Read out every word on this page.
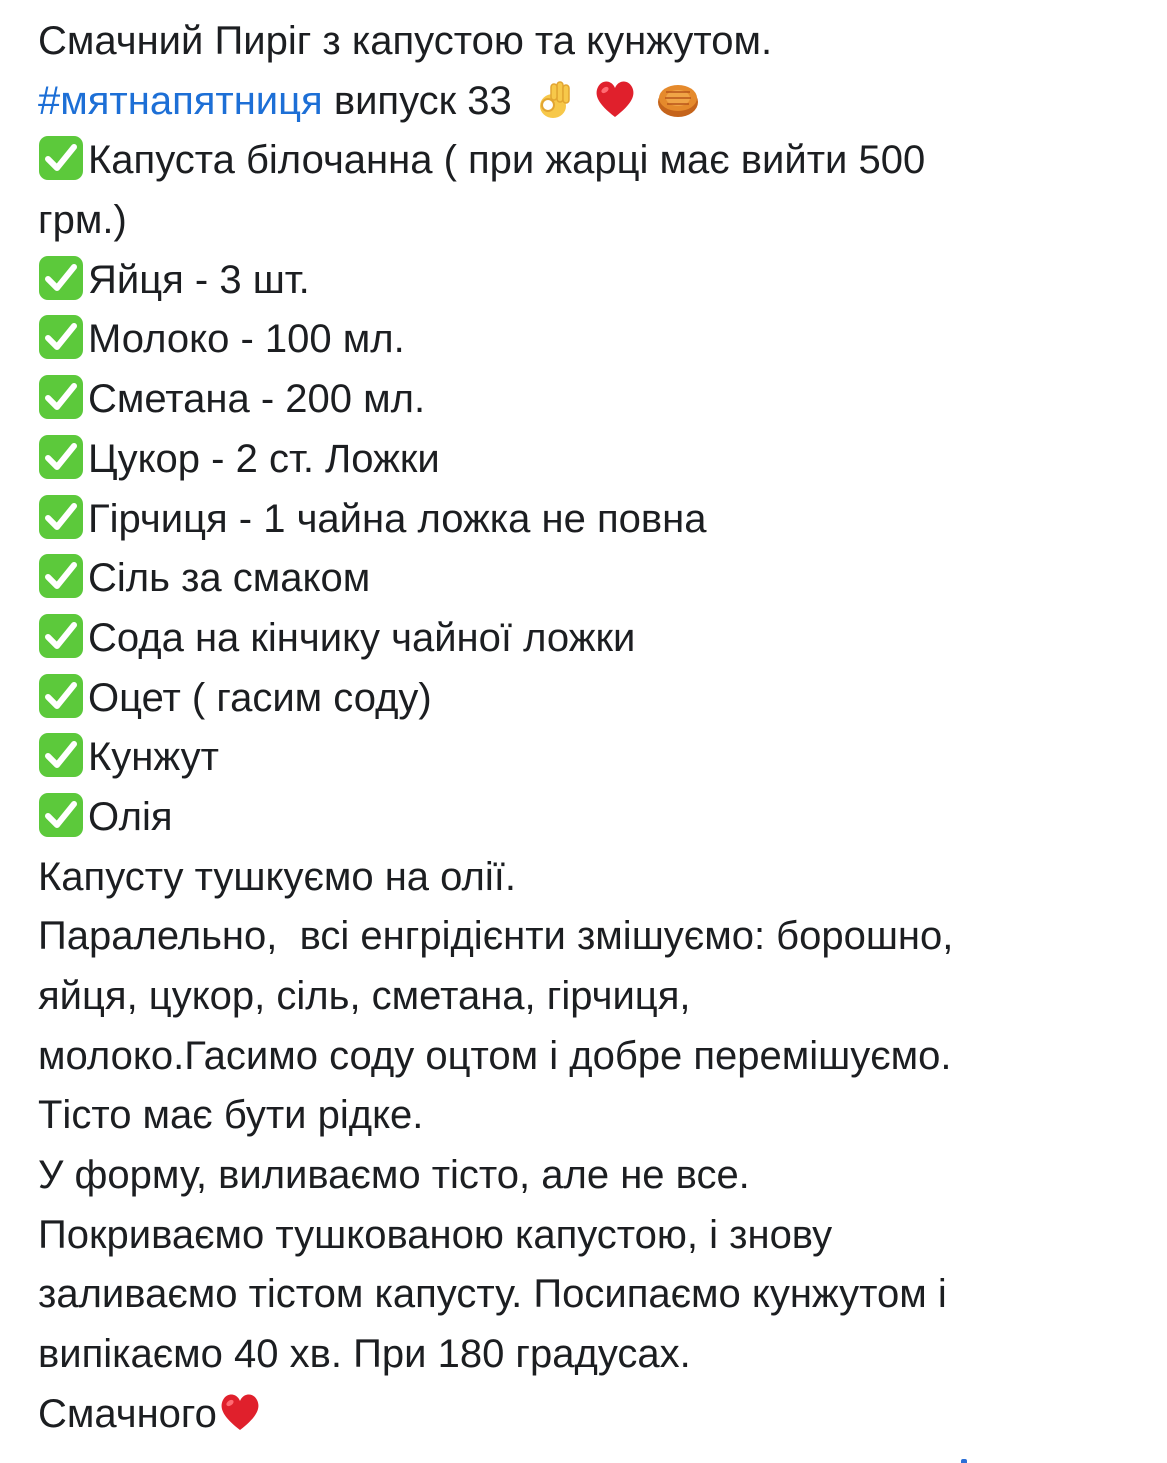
Смачний Пиріг з капустою та кунжутом.
#мятнапятниця випуск 33
Капуста білочанна ( при жарці має вийти 500
грм.)
Яйця - 3 шт.
Молоко - 100 мл.
Сметана - 200 мл.
Цукор - 2 ст. Ложки
Гірчиця - 1 чайна ложка не повна
Сіль за смаком
Сода на кінчику чайної ложки
Оцет ( гасим соду)
Кунжут
Олія
Капусту тушкуємо на олії.
Паралельно,  всі енгрідієнти змішуємо: борошно,
яйця, цукор, сіль, сметана, гірчиця,
молоко.Гасимо соду оцтом і добре перемішуємо.
Тісто має бути рідке.
У форму, виливаємо тісто, але не все.
Покриваємо тушкованою капустою, і знову
заливаємо тістом капусту. Посипаємо кунжутом і
випікаємо 40 хв. При 180 градусах.
Смачного
